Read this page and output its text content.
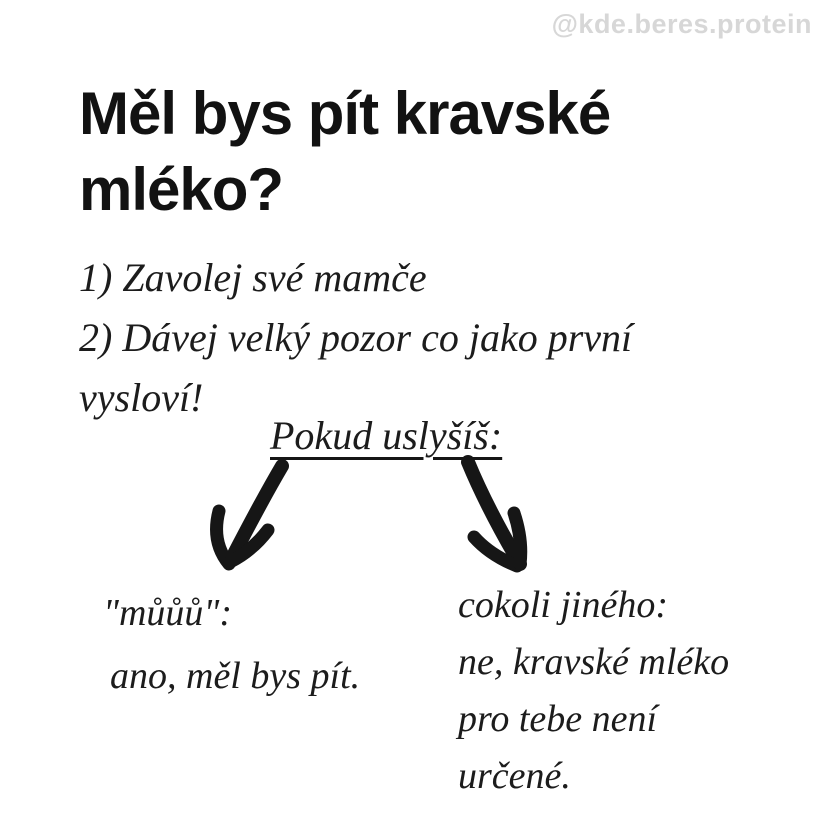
@kde.beres.protein
Měl bys pít kravské
mléko?
1) Zavolej své mamče
2) Dávej velký pozor co jako první
vysloví!
Pokud uslyšíš:
"můůů":
ano, měl bys pít.
cokoli jiného:
ne, kravské mléko
pro tebe není
určené.
